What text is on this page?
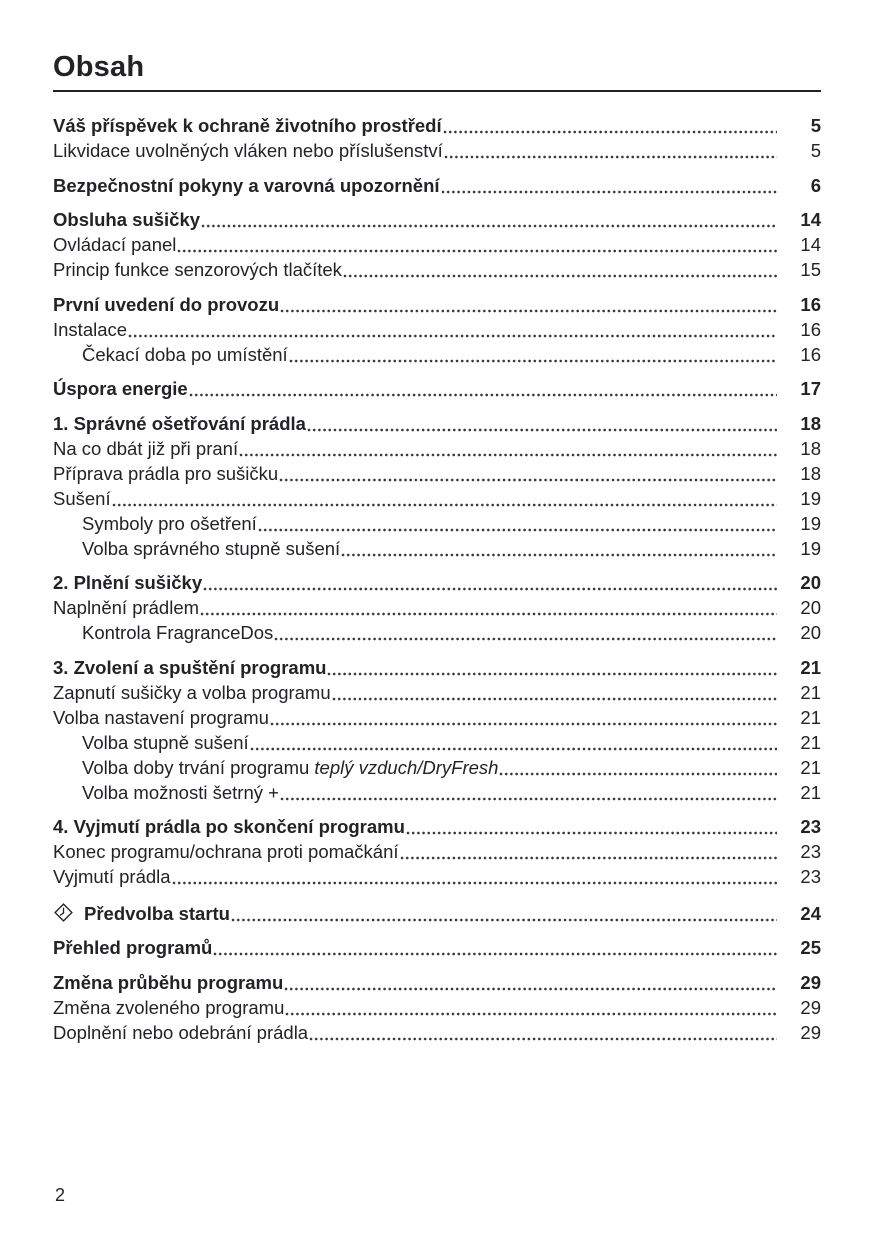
Obsah
Váš příspěvek k ochraně životního prostředí	5
Likvidace uvolněných vláken nebo příslušenství	5
Bezpečnostní pokyny a varovná upozornění	6
Obsluha sušičky	14
Ovládací panel	14
Princip funkce senzorových tlačítek	15
První uvedení do provozu	16
Instalace	16
Čekací doba po umístění	16
Úspora energie	17
1. Správné ošetřování prádla	18
Na co dbát již při praní	18
Příprava prádla pro sušičku	18
Sušení	19
Symboly pro ošetření	19
Volba správného stupně sušení	19
2. Plnění sušičky	20
Naplnění prádlem	20
Kontrola FragranceDos	20
3. Zvolení a spuštění programu	21
Zapnutí sušičky a volba programu	21
Volba nastavení programu	21
Volba stupně sušení	21
Volba doby trvání programu teplý vzduch/DryFresh	21
Volba možnosti šetrný +	21
4. Vyjmutí prádla po skončení programu	23
Konec programu/ochrana proti pomačkání	23
Vyjmutí prádla	23
Předvolba startu	24
Přehled programů	25
Změna průběhu programu	29
Změna zvoleného programu	29
Doplnění nebo odebrání prádla	29
2
